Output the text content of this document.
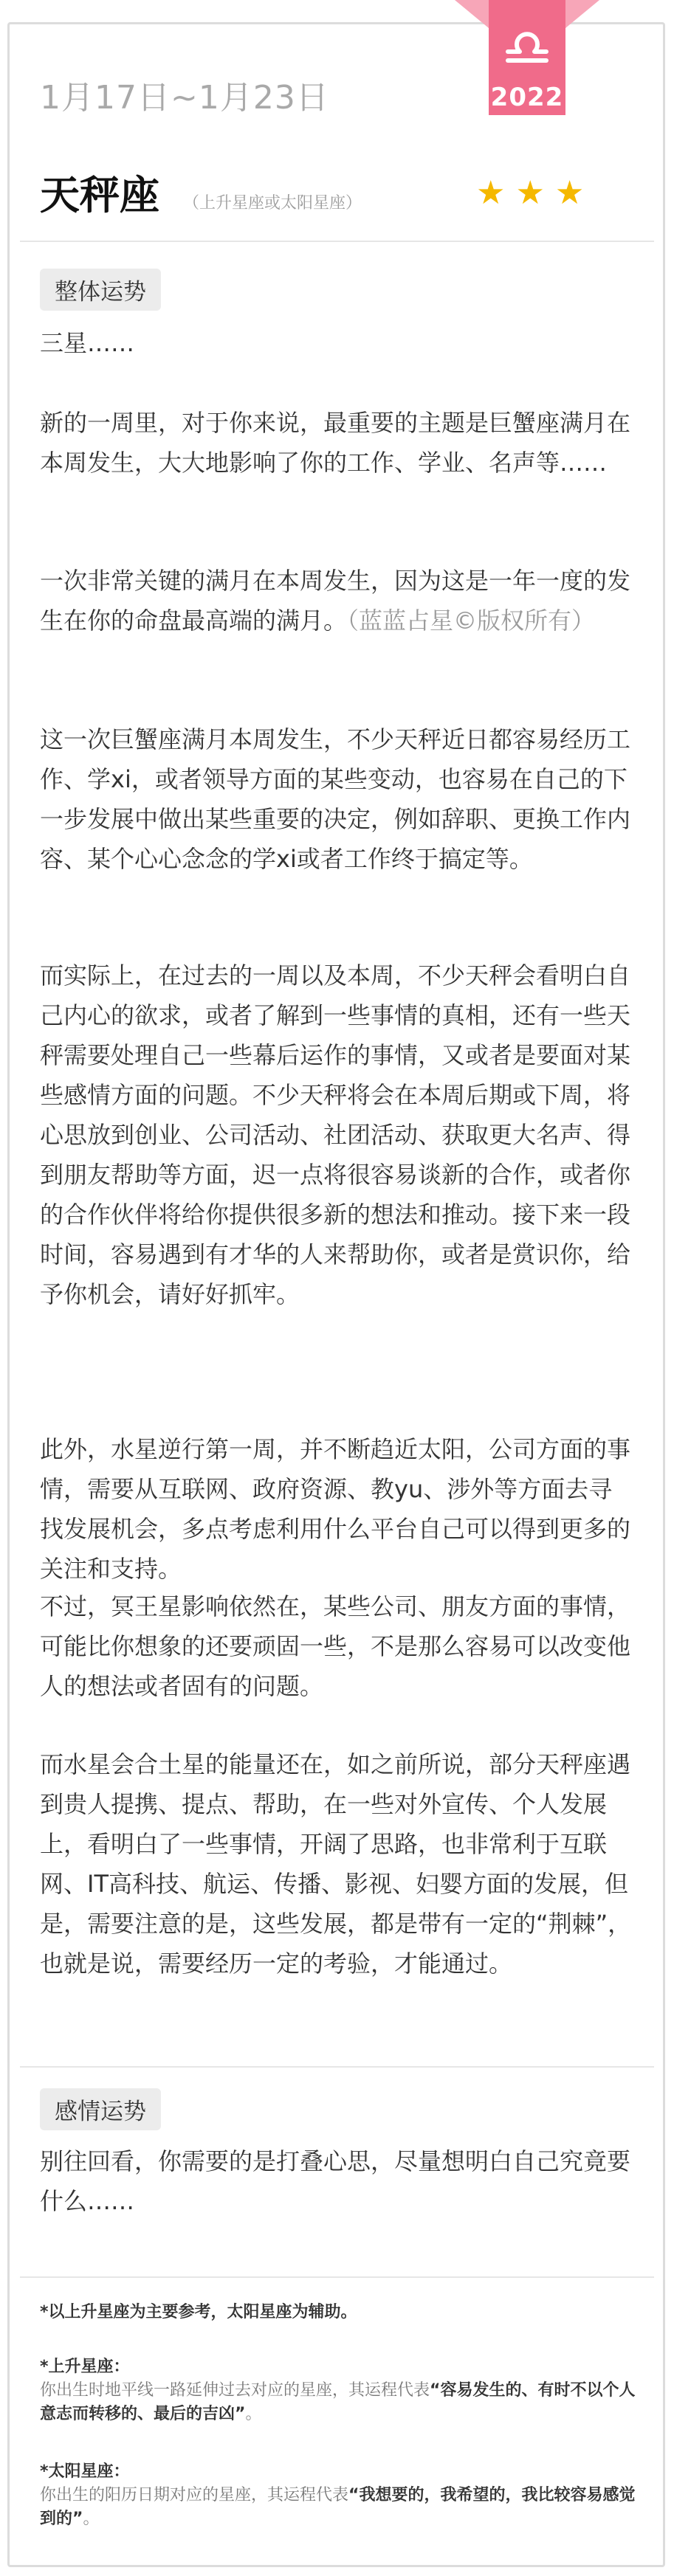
2022
1月17日~1月23日
天秤座 （上升星座或太阳星座）	★ ★ ★
整体运势

三星……

新的一周里，对于你来说，最重要的主题是巨蟹座满月在本周发生，大大地影响了你的工作、学业、名声等……

一次非常关键的满月在本周发生，因为这是一年一度的发生在你的命盘最高端的满月。（蓝蓝占星©版权所有）

这一次巨蟹座满月本周发生，不少天秤近日都容易经历工作、学xi，或者领导方面的某些变动，也容易在自己的下一步发展中做出某些重要的决定，例如辞职、更换工作内容、某个心心念念的学xi或者工作终于搞定等。

而实际上，在过去的一周以及本周，不少天秤会看明白自己内心的欲求，或者了解到一些事情的真相，还有一些天秤需要处理自己一些幕后运作的事情，又或者是要面对某些感情方面的问题。不少天秤将会在本周后期或下周，将心思放到创业、公司活动、社团活动、获取更大名声、得到朋友帮助等方面，迟一点将很容易谈新的合作，或者你的合作伙伴将给你提供很多新的想法和推动。接下来一段时间，容易遇到有才华的人来帮助你，或者是赏识你，给予你机会，请好好抓牢。

此外，水星逆行第一周，并不断趋近太阳，公司方面的事情，需要从互联网、政府资源、教yu、涉外等方面去寻找发展机会，多点考虑利用什么平台自己可以得到更多的关注和支持。

不过，冥王星影响依然在，某些公司、朋友方面的事情，可能比你想象的还要顽固一些，不是那么容易可以改变他人的想法或者固有的问题。

而水星会合土星的能量还在，如之前所说，部分天秤座遇到贵人提携、提点、帮助，在一些对外宣传、个人发展上，看明白了一些事情，开阔了思路，也非常利于互联网、IT高科技、航运、传播、影视、妇婴方面的发展，但是，需要注意的是，这些发展，都是带有一定的“荆棘”，也就是说，需要经历一定的考验，才能通过。

感情运势

别往回看，你需要的是打叠心思，尽量想明白自己究竟要什么……

*以上升星座为主要参考，太阳星座为辅助。
*上升星座：
你出生时地平线一路延伸过去对应的星座，其运程代表“容易发生的、有时不以个人意志而转移的、最后的吉凶”。
*太阳星座：
你出生的阳历日期对应的星座，其运程代表“我想要的，我希望的，我比较容易感觉到的”。
